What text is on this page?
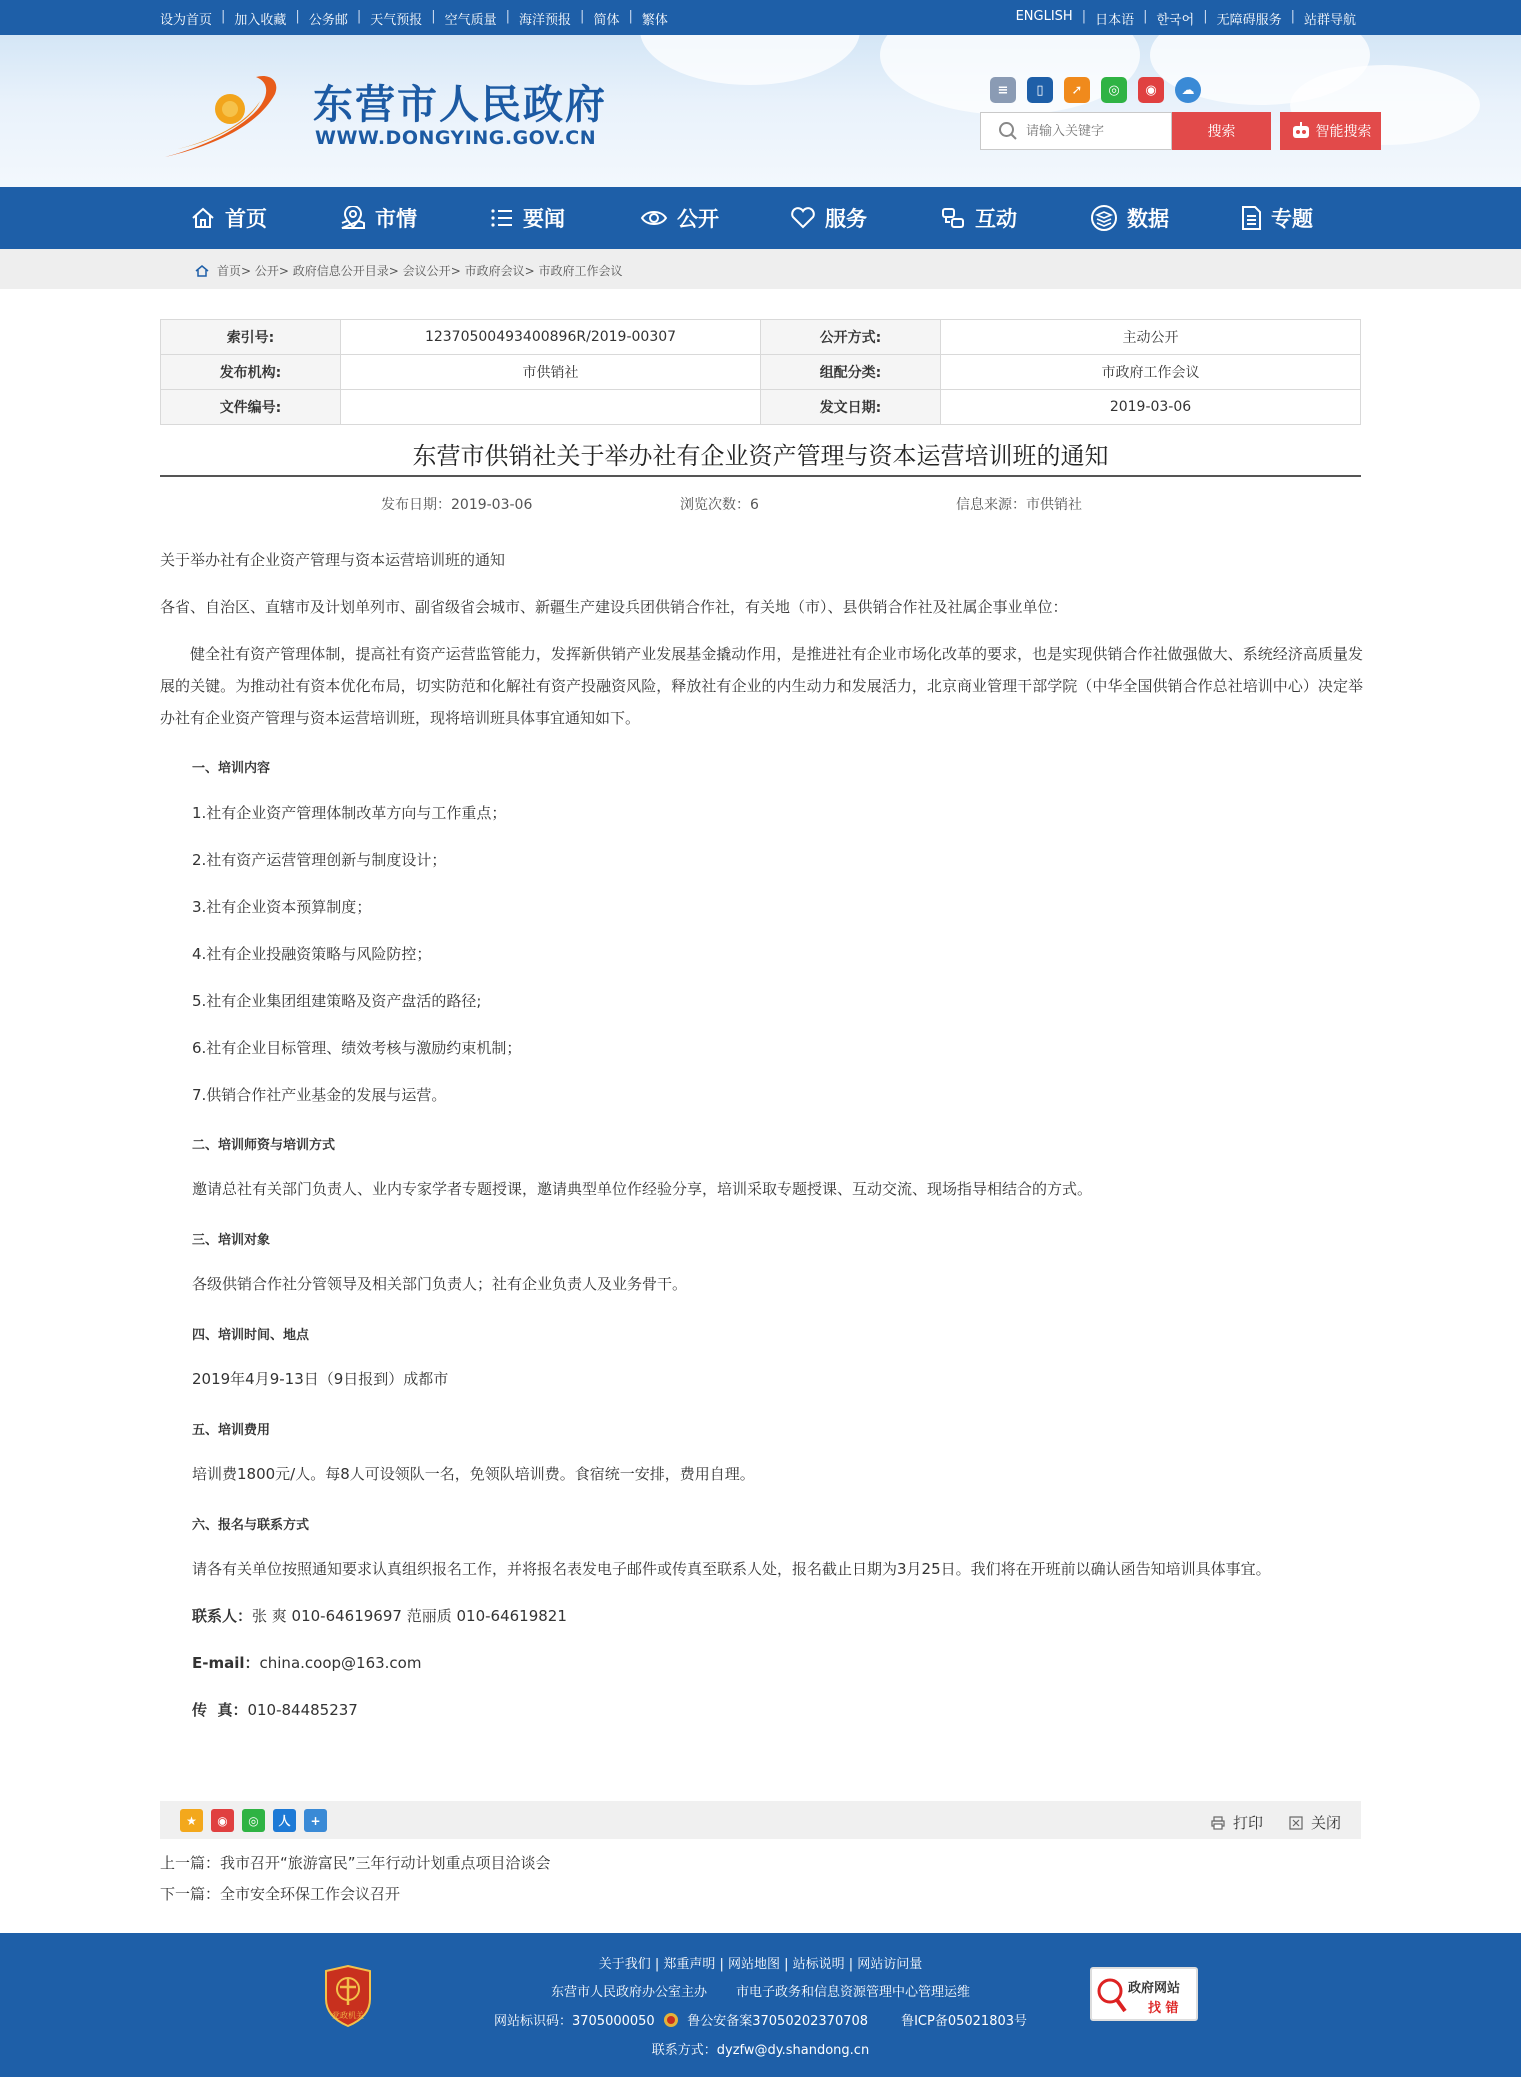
设为首页 | 加入收藏 | 公务邮 | 天气预报 | 空气质量 | 海洋预报 | 简体 | 繁体	ENGLISH | 日本语 | 한국어 | 无障碍服务 | 站群导航
东营市人民政府
WWW.DONGYING.GOV.CN
≡	▯	➚	◎	◉	☁
请输入关键字
搜索	智能搜索
首页	市情	要闻	公开	服务	互动	数据	专题
首页 > 公开 > 政府信息公开目录 > 会议公开 > 市政府会议 > 市政府工作会议
索引号:	12370500493400896R/2019-00307	公开方式:	主动公开
发布机构:	市供销社	组配分类:	市政府工作会议
文件编号:		发文日期:	2019-03-06
东营市供销社关于举办社有企业资产管理与资本运营培训班的通知
发布日期：2019-03-06	浏览次数：6	信息来源：市供销社
关于举办社有企业资产管理与资本运营培训班的通知
各省、自治区、直辖市及计划单列市、副省级省会城市、新疆生产建设兵团供销合作社，有关地（市）、县供销合作社及社属企事业单位：
健全社有资产管理体制，提高社有资产运营监管能力，发挥新供销产业发展基金撬动作用，是推进社有企业市场化改革的要求，也是实现供销合作社做强做大、系统经济高质量发展的关键。为推动社有资本优化布局，切实防范和化解社有资产投融资风险，释放社有企业的内生动力和发展活力，北京商业管理干部学院（中华全国供销合作总社培训中心）决定举办社有企业资产管理与资本运营培训班，现将培训班具体事宜通知如下。
一、培训内容
1.社有企业资产管理体制改革方向与工作重点；
2.社有资产运营管理创新与制度设计；
3.社有企业资本预算制度；
4.社有企业投融资策略与风险防控；
5.社有企业集团组建策略及资产盘活的路径;
6.社有企业目标管理、绩效考核与激励约束机制；
7.供销合作社产业基金的发展与运营。
二、培训师资与培训方式
邀请总社有关部门负责人、业内专家学者专题授课，邀请典型单位作经验分享，培训采取专题授课、互动交流、现场指导相结合的方式。
三、培训对象
各级供销合作社分管领导及相关部门负责人；社有企业负责人及业务骨干。
四、培训时间、地点
2019年4月9-13日（9日报到）成都市
五、培训费用
培训费1800元/人。每8人可设领队一名，免领队培训费。食宿统一安排，费用自理。
六、报名与联系方式
请各有关单位按照通知要求认真组织报名工作，并将报名表发电子邮件或传真至联系人处，报名截止日期为3月25日。我们将在开班前以确认函告知培训具体事宜。
联系人：张 爽 010-64619697 范丽质 010-64619821
E-mail：china.coop@163.com
传  真：010-84485237
★	◉	◎	人	+	打印	关闭
上一篇：我市召开“旅游富民”三年行动计划重点项目洽谈会
下一篇：全市安全环保工作会议召开
党政机关
关于我们 | 郑重声明 | 网站地图 | 站标说明 | 网站访问量
东营市人民政府办公室主办 市电子政务和信息资源管理中心管理运维
网站标识码：3705000050	鲁公安备案37050202370708	鲁ICP备05021803号
联系方式：dyzfw@dy.shandong.cn
政府网站
找 错
